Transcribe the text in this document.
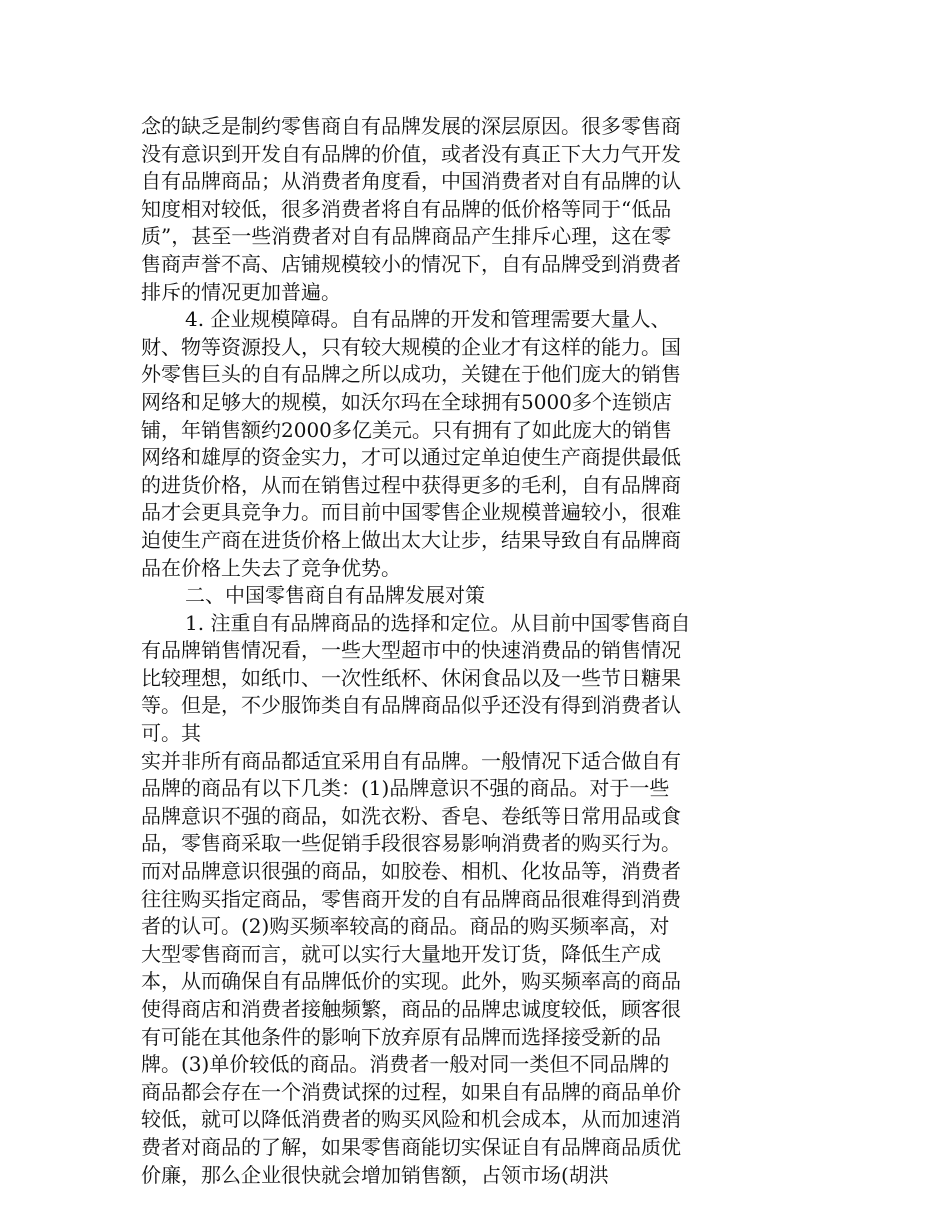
念的缺乏是制约零售商自有品牌发展的深层原因。很多零售商
没有意识到开发自有品牌的价值，或者没有真正下大力气开发
自有品牌商品；从消费者角度看，中国消费者对自有品牌的认
知度相对较低，很多消费者将自有品牌的低价格等同于“低品
质”，甚至一些消费者对自有品牌商品产生排斥心理，这在零
售商声誉不高、店铺规模较小的情况下，自有品牌受到消费者
排斥的情况更加普遍。
4. 企业规模障碍。自有品牌的开发和管理需要大量人、
财、物等资源投人，只有较大规模的企业才有这样的能力。国
外零售巨头的自有品牌之所以成功，关键在于他们庞大的销售
网络和足够大的规模，如沃尔玛在全球拥有5000多个连锁店
铺，年销售额约2000多亿美元。只有拥有了如此庞大的销售
网络和雄厚的资金实力，才可以通过定单迫使生产商提供最低
的进货价格，从而在销售过程中获得更多的毛利，自有品牌商
品才会更具竞争力。而目前中国零售企业规模普遍较小，很难
迫使生产商在进货价格上做出太大让步，结果导致自有品牌商
品在价格上失去了竞争优势。
二、中国零售商自有品牌发展对策
1. 注重自有品牌商品的选择和定位。从目前中国零售商自
有品牌销售情况看，一些大型超市中的快速消费品的销售情况
比较理想，如纸巾、一次性纸杯、休闲食品以及一些节日糖果
等。但是，不少服饰类自有品牌商品似乎还没有得到消费者认
可。其
实并非所有商品都适宜采用自有品牌。一般情况下适合做自有
品牌的商品有以下几类：(1)品牌意识不强的商品。对于一些
品牌意识不强的商品，如洗衣粉、香皂、卷纸等日常用品或食
品，零售商采取一些促销手段很容易影响消费者的购买行为。
而对品牌意识很强的商品，如胶卷、相机、化妆品等，消费者
往往购买指定商品，零售商开发的自有品牌商品很难得到消费
者的认可。(2)购买频率较高的商品。商品的购买频率高，对
大型零售商而言，就可以实行大量地开发订货，降低生产成
本，从而确保自有品牌低价的实现。此外，购买频率高的商品
使得商店和消费者接触频繁，商品的品牌忠诚度较低，顾客很
有可能在其他条件的影响下放弃原有品牌而选择接受新的品
牌。(3)单价较低的商品。消费者一般对同一类但不同品牌的
商品都会存在一个消费试探的过程，如果自有品牌的商品单价
较低，就可以降低消费者的购买风险和机会成本，从而加速消
费者对商品的了解，如果零售商能切实保证自有品牌商品质优
价廉，那么企业很快就会增加销售额，占领市场(胡洪
